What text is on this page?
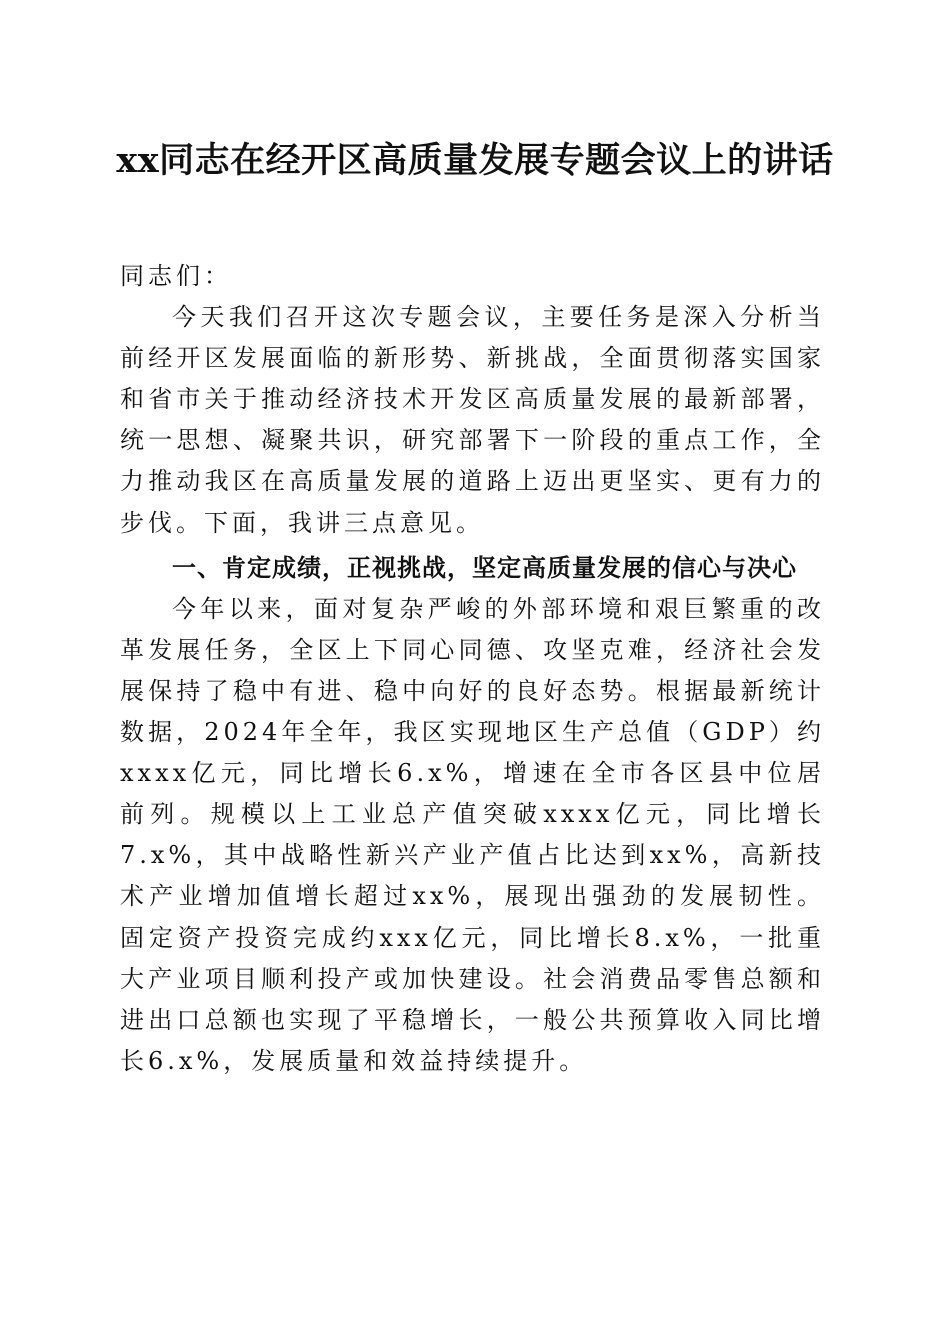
xx同志在经开区高质量发展专题会议上的讲话

同志们：

今天我们召开这次专题会议，主要任务是深入分析当前经开区发展面临的新形势、新挑战，全面贯彻落实国家和省市关于推动经济技术开发区高质量发展的最新部署，统一思想、凝聚共识，研究部署下一阶段的重点工作，全力推动我区在高质量发展的道路上迈出更坚实、更有力的步伐。下面，我讲三点意见。

一、肯定成绩，正视挑战，坚定高质量发展的信心与决心

今年以来，面对复杂严峻的外部环境和艰巨繁重的改革发展任务，全区上下同心同德、攻坚克难，经济社会发展保持了稳中有进、稳中向好的良好态势。根据最新统计数据，2024年全年，我区实现地区生产总值（GDP）约xxxx亿元，同比增长6.x%，增速在全市各区县中位居前列。规模以上工业总产值突破xxxx亿元，同比增长7.x%，其中战略性新兴产业产值占比达到xx%，高新技术产业增加值增长超过xx%，展现出强劲的发展韧性。固定资产投资完成约xxx亿元，同比增长8.x%，一批重大产业项目顺利投产或加快建设。社会消费品零售总额和进出口总额也实现了平稳增长，一般公共预算收入同比增长6.x%，发展质量和效益持续提升。
